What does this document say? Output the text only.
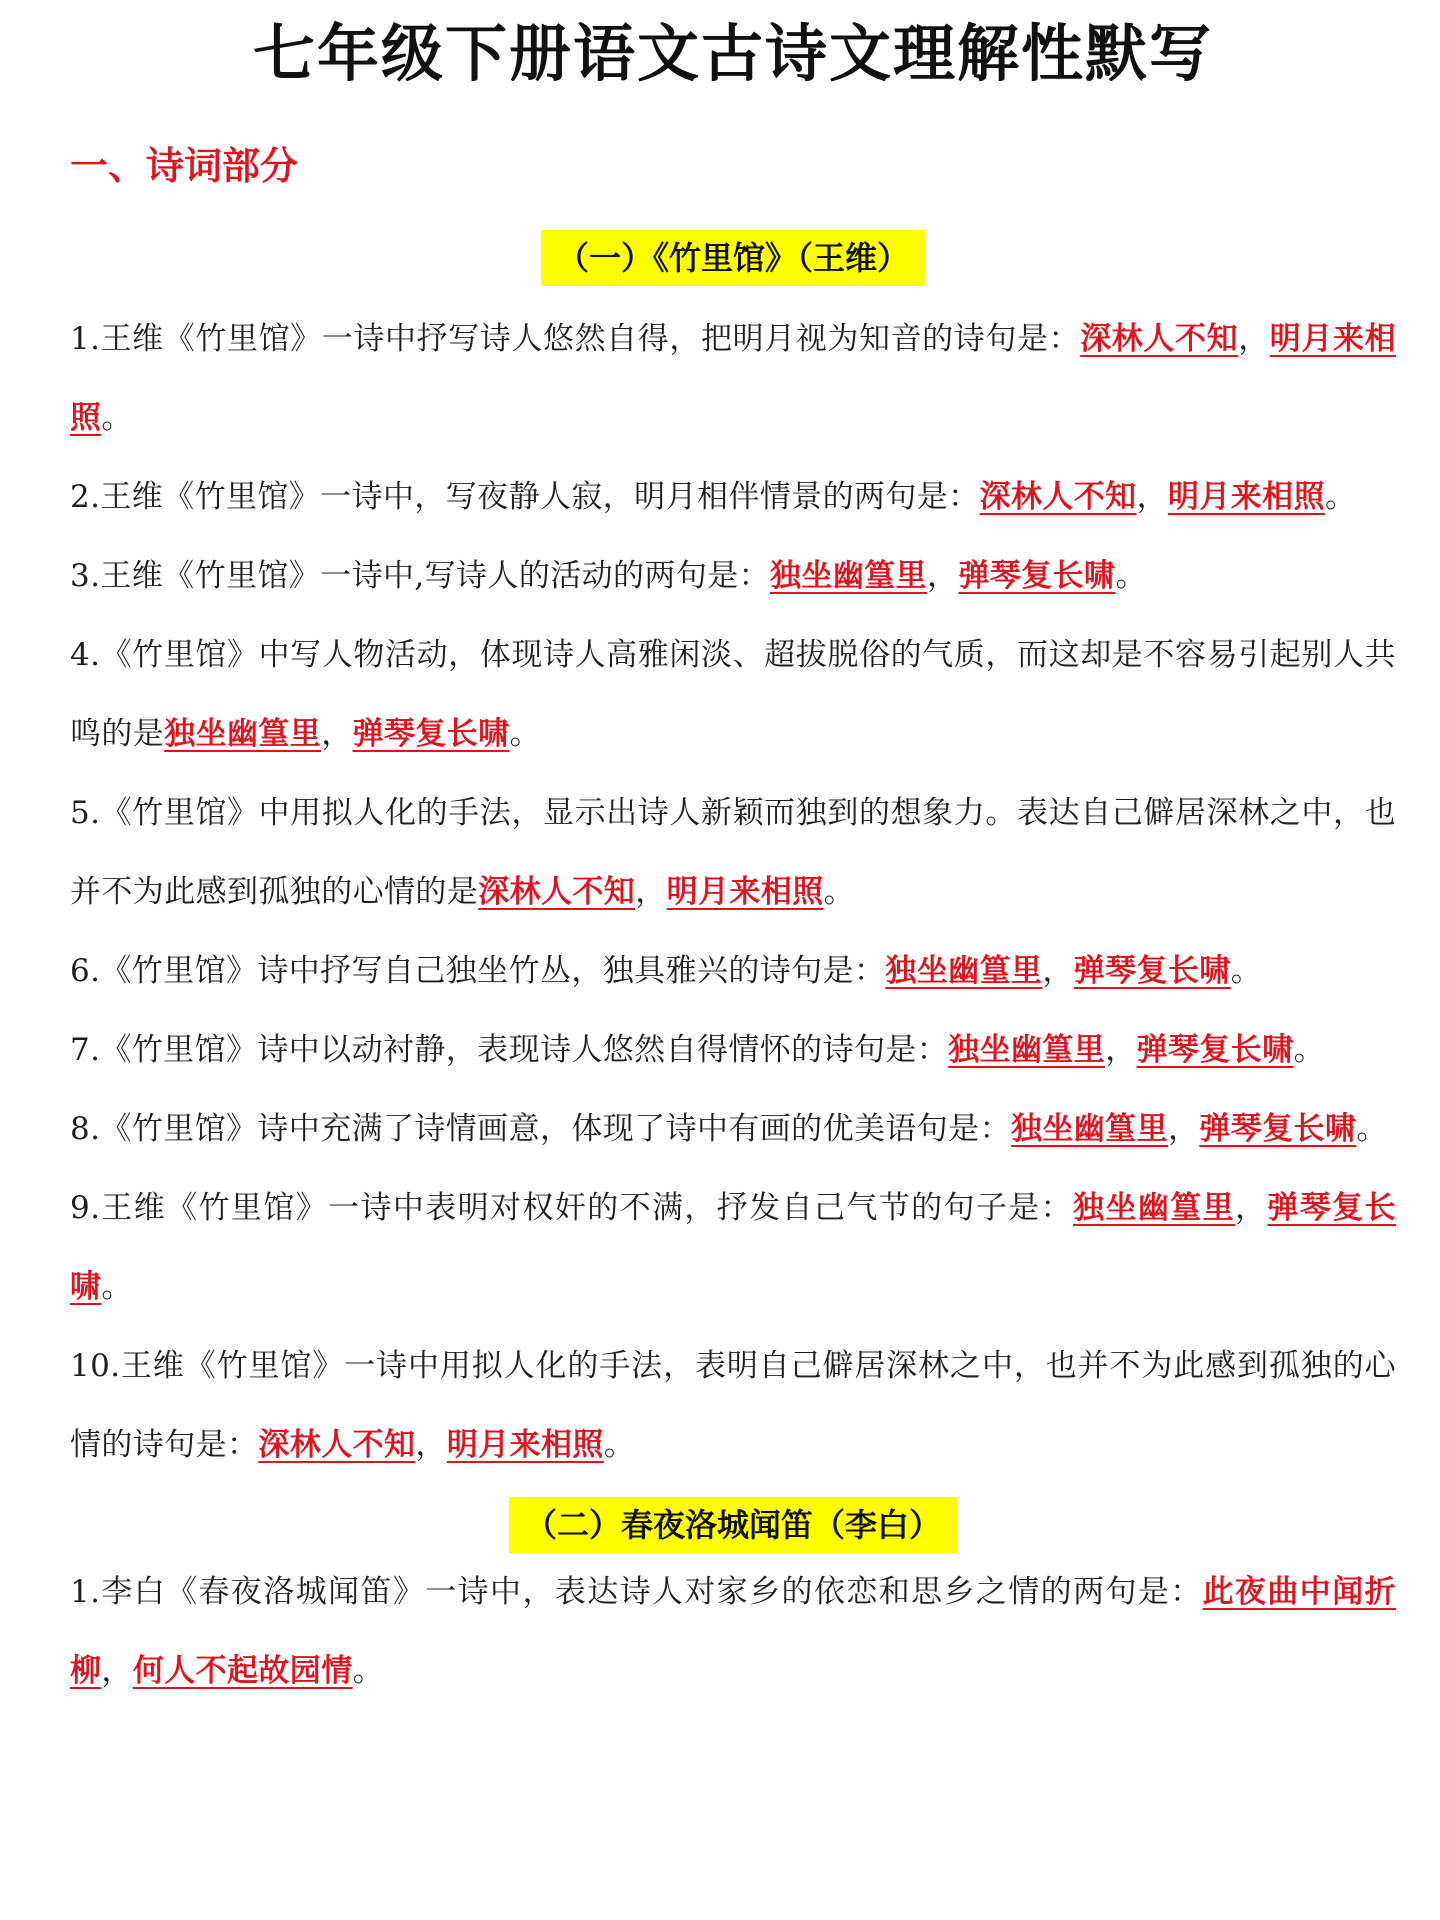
七年级下册语文古诗文理解性默写
一、诗词部分
（一）《竹里馆》（王维）

1.王维《竹里馆》一诗中抒写诗人悠然自得，把明月视为知音的诗句是：深林人不知，明月来相照。

2.王维《竹里馆》一诗中，写夜静人寂，明月相伴情景的两句是：深林人不知，明月来相照。

3.王维《竹里馆》一诗中,写诗人的活动的两句是：独坐幽篁里，弹琴复长啸。

4.《竹里馆》中写人物活动，体现诗人高雅闲淡、超拔脱俗的气质，而这却是不容易引起别人共鸣的是独坐幽篁里，弹琴复长啸。

5.《竹里馆》中用拟人化的手法，显示出诗人新颖而独到的想象力。表达自己僻居深林之中，也并不为此感到孤独的心情的是深林人不知，明月来相照。

6.《竹里馆》诗中抒写自己独坐竹丛，独具雅兴的诗句是：独坐幽篁里，弹琴复长啸。

7.《竹里馆》诗中以动衬静，表现诗人悠然自得情怀的诗句是：独坐幽篁里，弹琴复长啸。

8.《竹里馆》诗中充满了诗情画意，体现了诗中有画的优美语句是：独坐幽篁里，弹琴复长啸。

9.王维《竹里馆》一诗中表明对权奸的不满，抒发自己气节的句子是：独坐幽篁里，弹琴复长啸。

10.王维《竹里馆》一诗中用拟人化的手法，表明自己僻居深林之中，也并不为此感到孤独的心情的诗句是：深林人不知，明月来相照。

（二）春夜洛城闻笛（李白）

1.李白《春夜洛城闻笛》一诗中，表达诗人对家乡的依恋和思乡之情的两句是：此夜曲中闻折柳，何人不起故园情。
